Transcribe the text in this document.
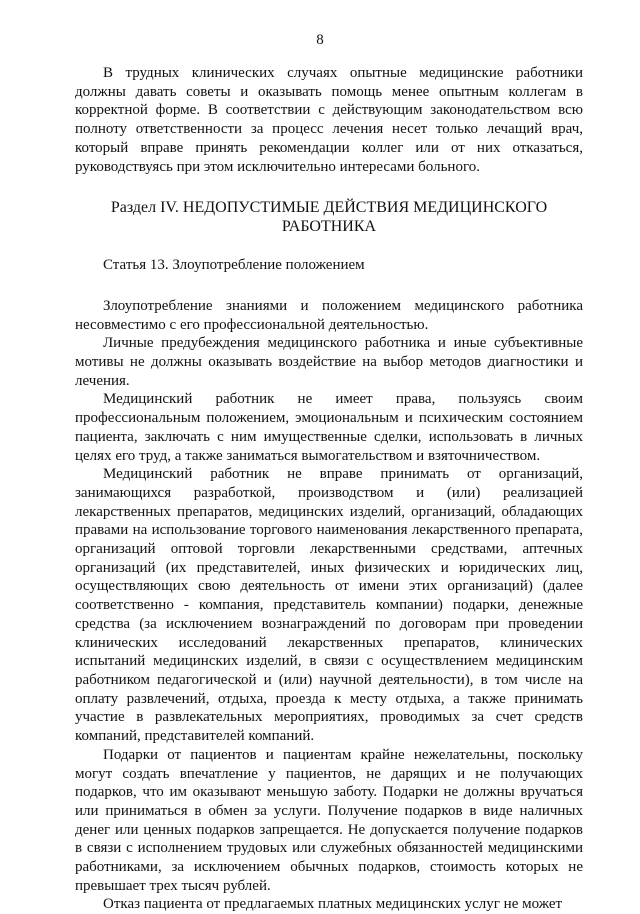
8

В трудных клинических случаях опытные медицинские работники должны давать советы и оказывать помощь менее опытным коллегам в корректной форме. В соответствии с действующим законодательством всю полноту ответственности за процесс лечения несет только лечащий врач, который вправе принять рекомендации коллег или от них отказаться, руководствуясь при этом исключительно интересами больного.

Раздел IV. НЕДОПУСТИМЫЕ ДЕЙСТВИЯ МЕДИЦИНСКОГО
РАБОТНИКА

Статья 13. Злоупотребление положением

Злоупотребление знаниями и положением медицинского работника несовместимо с его профессиональной деятельностью.

Личные предубеждения медицинского работника и иные субъективные мотивы не должны оказывать воздействие на выбор методов диагностики и лечения.

Медицинский работник не имеет права, пользуясь своим профессиональным положением, эмоциональным и психическим состоянием пациента, заключать с ним имущественные сделки, использовать в личных целях его труд, а также заниматься вымогательством и взяточничеством.

Медицинский работник не вправе принимать от организаций, занимающихся разработкой, производством и (или) реализацией лекарственных препаратов, медицинских изделий, организаций, обладающих правами на использование торгового наименования лекарственного препарата, организаций оптовой торговли лекарственными средствами, аптечных организаций (их представителей, иных физических и юридических лиц, осуществляющих свою деятельность от имени этих организаций) (далее соответственно - компания, представитель компании) подарки, денежные средства (за исключением вознаграждений по договорам при проведении клинических исследований лекарственных препаратов, клинических испытаний медицинских изделий, в связи с осуществлением медицинским работником педагогической и (или) научной деятельности), в том числе на оплату развлечений, отдыха, проезда к месту отдыха, а также принимать участие в развлекательных мероприятиях, проводимых за счет средств компаний, представителей компаний.

Подарки от пациентов и пациентам крайне нежелательны, поскольку могут создать впечатление у пациентов, не дарящих и не получающих подарков, что им оказывают меньшую заботу. Подарки не должны вручаться или приниматься в обмен за услуги. Получение подарков в виде наличных денег или ценных подарков запрещается. Не допускается получение подарков в связи с исполнением трудовых или служебных обязанностей медицинскими работниками, за исключением обычных подарков, стоимость которых не превышает трех тысяч рублей.

Отказ пациента от предлагаемых платных медицинских услуг не может
